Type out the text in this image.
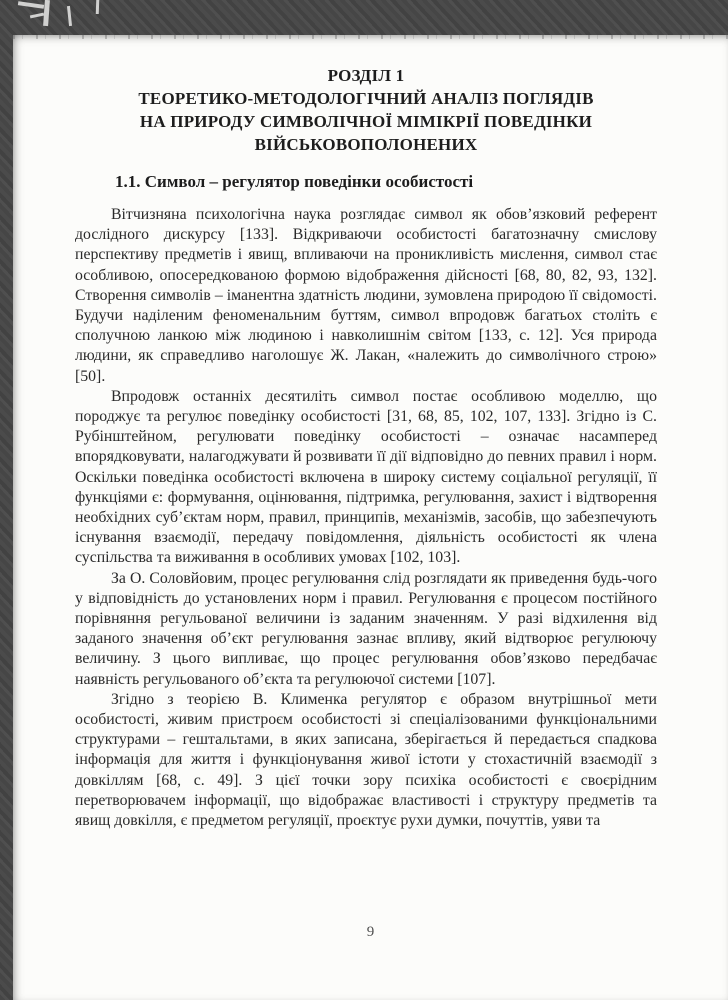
РОЗДІЛ 1
ТЕОРЕТИКО-МЕТОДОЛОГІЧНИЙ АНАЛІЗ ПОГЛЯДІВ
НА ПРИРОДУ СИМВОЛІЧНОЇ МІМІКРІЇ ПОВЕДІНКИ
ВІЙСЬКОВОПОЛОНЕНИХ
1.1. Символ – регулятор поведінки особистості

Вітчизняна психологічна наука розглядає символ як обов’язковий референт дослідного дискурсу [133]. Відкриваючи особистості багатозначну смислову перспективу предметів і явищ, впливаючи на проникливість мислення, символ стає особливою, опосередкованою формою відображення дійсності [68, 80, 82, 93, 132]. Створення символів – іманентна здатність людини, зумовлена природою її свідомості. Будучи наділеним феноменальним буттям, символ впродовж багатьох століть є сполучною ланкою між людиною і навколишнім світом [133, с. 12]. Уся природа людини, як справедливо наголошує Ж. Лакан, «належить до символічного строю» [50].

Впродовж останніх десятиліть символ постає особливою моделлю, що породжує та регулює поведінку особистості [31, 68, 85, 102, 107, 133]. Згідно із С. Рубінштейном, регулювати поведінку особистості – означає насамперед впорядковувати, налагоджувати й розвивати її дії відповідно до певних правил і норм. Оскільки поведінка особистості включена в широку систему соціальної регуляції, її функціями є: формування, оцінювання, підтримка, регулювання, захист і відтворення необхідних суб’єктам норм, правил, принципів, механізмів, засобів, що забезпечують існування взаємодії, передачу повідомлення, діяльність особистості як члена суспільства та виживання в особливих умовах [102, 103].

За О. Соловйовим, процес регулювання слід розглядати як приведення будь-чого у відповідність до установлених норм і правил. Регулювання є процесом постійного порівняння регульованої величини із заданим значенням. У разі відхилення від заданого значення об’єкт регулювання зазнає впливу, який відтворює регулюючу величину. З цього випливає, що процес регулювання обов’язково передбачає наявність регульованого об’єкта та регулюючої системи [107].

Згідно з теорією В. Клименка регулятор є образом внутрішньої мети особистості, живим пристроєм особистості зі спеціалізованими функціональними структурами – гештальтами, в яких записана, зберігається й передається спадкова інформація для життя і функціонування живої істоти у стохастичній взаємодії з довкіллям [68, с. 49]. З цієї точки зору психіка особистості є своєрідним перетворювачем інформації, що відображає властивості і структуру предметів та явищ довкілля, є предметом регуляції, проєктує рухи думки, почуттів, уяви та

9
